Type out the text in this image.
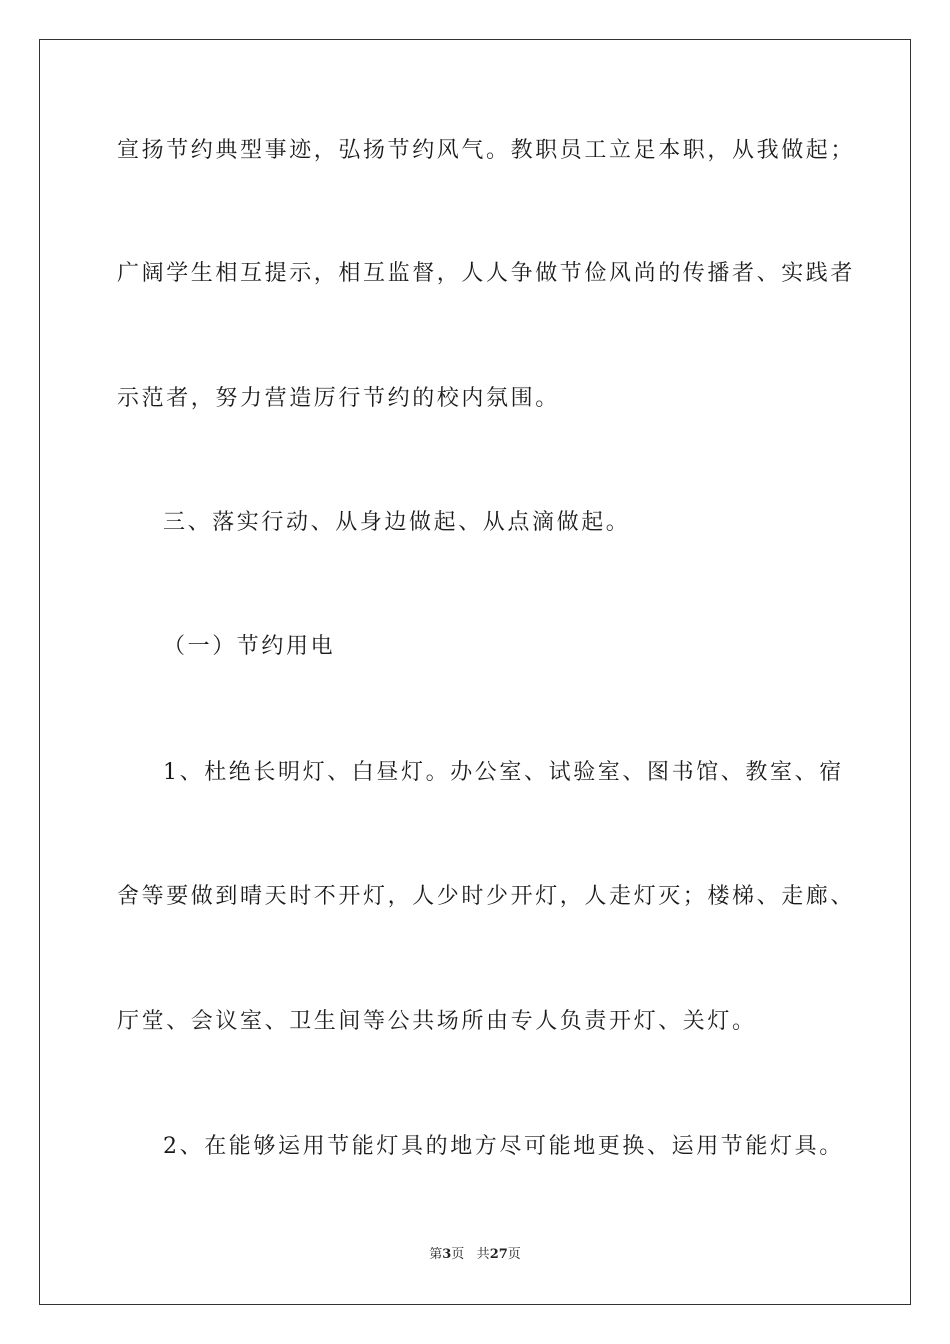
宣扬节约典型事迹，弘扬节约风气。教职员工立足本职，从我做起；
广阔学生相互提示，相互监督，人人争做节俭风尚的传播者、实践者
示范者，努力营造厉行节约的校内氛围。
三、落实行动、从身边做起、从点滴做起。
（一）节约用电
1、杜绝长明灯、白昼灯。办公室、试验室、图书馆、教室、宿
舍等要做到晴天时不开灯，人少时少开灯，人走灯灭；楼梯、走廊、
厅堂、会议室、卫生间等公共场所由专人负责开灯、关灯。
2、在能够运用节能灯具的地方尽可能地更换、运用节能灯具。
第3页 共27页
